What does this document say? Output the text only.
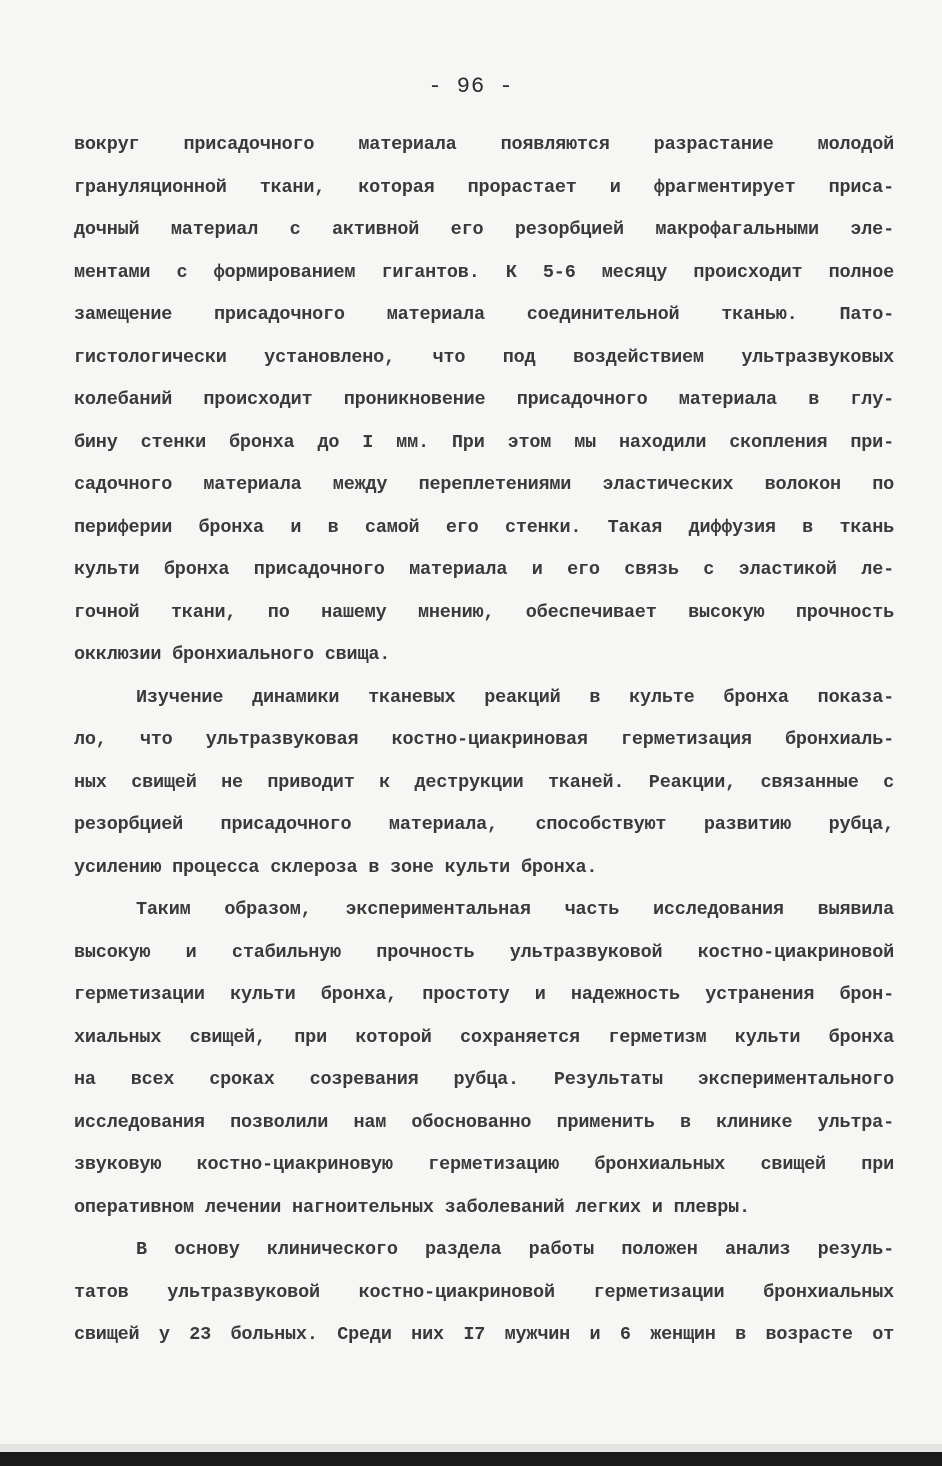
- 96 -
вокруг присадочного материала появляются разрастание молодой
грануляционной ткани, которая прорастает и фрагментирует приса-
дочный материал с активной его резорбцией макрофагальными эле-
ментами с формированием гигантов. К 5-6 месяцу происходит полное
замещение присадочного материала соединительной тканью. Пато-
гистологически установлено, что под воздействием ультразвуковых
колебаний происходит проникновение присадочного материала в глу-
бину стенки бронха до I мм. При этом мы находили скопления при-
садочного материала между переплетениями эластических волокон по
периферии бронха и в самой его стенки. Такая диффузия в ткань
культи бронха присадочного материала и его связь с эластикой ле-
гочной ткани, по нашему мнению, обеспечивает высокую прочность
окклюзии бронхиального свища.
Изучение динамики тканевых реакций в культе бронха показа-
ло, что ультразвуковая костно-циакриновая герметизация бронхиаль-
ных свищей не приводит к деструкции тканей. Реакции, связанные с
резорбцией присадочного материала, способствуют развитию рубца,
усилению процесса склероза в зоне культи бронха.
Таким образом, экспериментальная часть исследования выявила
высокую и стабильную прочность ультразвуковой костно-циакриновой
герметизации культи бронха, простоту и надежность устранения брон-
хиальных свищей, при которой сохраняется герметизм культи бронха
на всех сроках созревания рубца. Результаты экспериментального
исследования позволили нам обоснованно применить в клинике ультра-
звуковую костно-циакриновую герметизацию бронхиальных свищей при
оперативном лечении нагноительных заболеваний легких и плевры.
В основу клинического раздела работы положен анализ резуль-
татов ультразвуковой костно-циакриновой герметизации бронхиальных
свищей у 23 больных. Среди них I7 мужчин и 6 женщин в возрасте от
